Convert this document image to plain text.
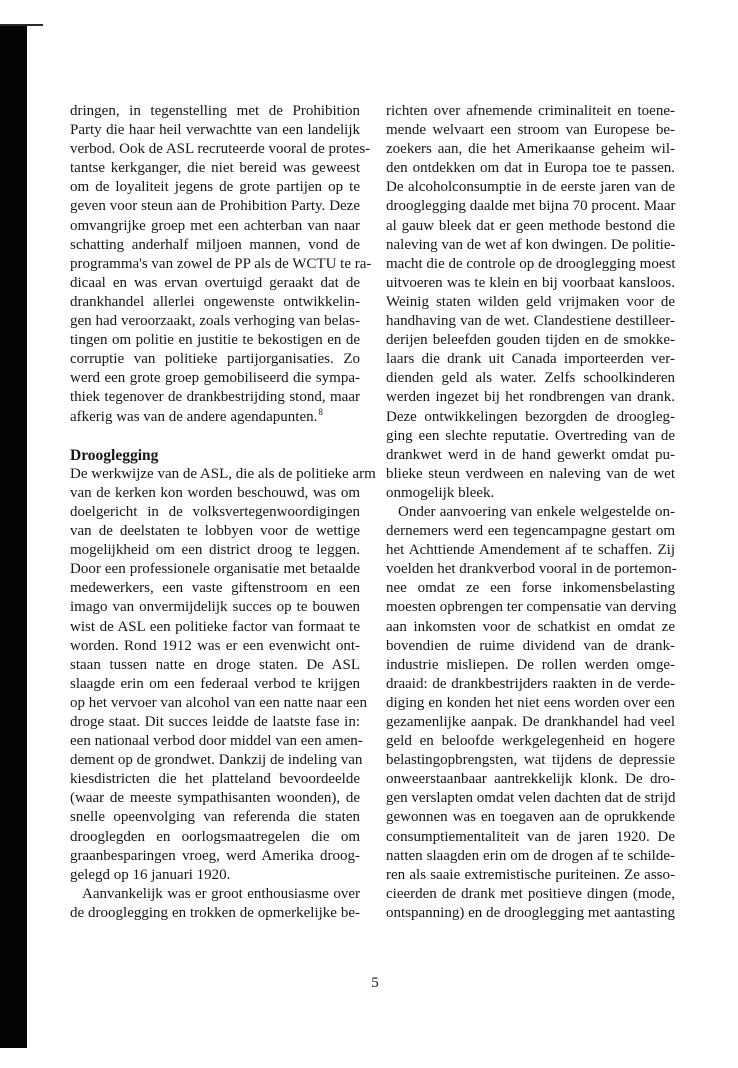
dringen, in tegenstelling met de Prohibition
Party die haar heil verwachtte van een landelijk
verbod. Ook de ASL recruteerde vooral de protes-
tantse kerkganger, die niet bereid was geweest
om de loyaliteit jegens de grote partijen op te
geven voor steun aan de Prohibition Party. Deze
omvangrijke groep met een achterban van naar
schatting anderhalf miljoen mannen, vond de
programma's van zowel de PP als de WCTU te ra-
dicaal en was ervan overtuigd geraakt dat de
drankhandel allerlei ongewenste ontwikkelin-
gen had veroorzaakt, zoals verhoging van belas-
tingen om politie en justitie te bekostigen en de
corruptie van politieke partijorganisaties. Zo
werd een grote groep gemobiliseerd die sympa-
thiek tegenover de drankbestrijding stond, maar
afkerig was van de andere agendapunten.$^8$
Drooglegging
De werkwijze van de ASL, die als de politieke arm
van de kerken kon worden beschouwd, was om
doelgericht in de volksvertegenwoordigingen
van de deelstaten te lobbyen voor de wettige
mogelijkheid om een district droog te leggen.
Door een professionele organisatie met betaalde
medewerkers, een vaste giftenstroom en een
imago van onvermijdelijk succes op te bouwen
wist de ASL een politieke factor van formaat te
worden. Rond 1912 was er een evenwicht ont-
staan tussen natte en droge staten. De ASL
slaagde erin om een federaal verbod te krijgen
op het vervoer van alcohol van een natte naar een
droge staat. Dit succes leidde de laatste fase in:
een nationaal verbod door middel van een amen-
dement op de grondwet. Dankzij de indeling van
kiesdistricten die het platteland bevoordeelde
(waar de meeste sympathisanten woonden), de
snelle opeenvolging van referenda die staten
drooglegden en oorlogsmaatregelen die om
graanbesparingen vroeg, werd Amerika droog-
gelegd op 16 januari 1920.
Aanvankelijk was er groot enthousiasme over
de drooglegging en trokken de opmerkelijke be-
richten over afnemende criminaliteit en toene-
mende welvaart een stroom van Europese be-
zoekers aan, die het Amerikaanse geheim wil-
den ontdekken om dat in Europa toe te passen.
De alcoholconsumptie in de eerste jaren van de
drooglegging daalde met bijna 70 procent. Maar
al gauw bleek dat er geen methode bestond die
naleving van de wet af kon dwingen. De politie-
macht die de controle op de drooglegging moest
uitvoeren was te klein en bij voorbaat kansloos.
Weinig staten wilden geld vrijmaken voor de
handhaving van de wet. Clandestiene destilleer-
derijen beleefden gouden tijden en de smokke-
laars die drank uit Canada importeerden ver-
dienden geld als water. Zelfs schoolkinderen
werden ingezet bij het rondbrengen van drank.
Deze ontwikkelingen bezorgden de droogleg-
ging een slechte reputatie. Overtreding van de
drankwet werd in de hand gewerkt omdat pu-
blieke steun verdween en naleving van de wet
onmogelijk bleek.
Onder aanvoering van enkele welgestelde on-
dernemers werd een tegencampagne gestart om
het Achttiende Amendement af te schaffen. Zij
voelden het drankverbod vooral in de portemon-
nee omdat ze een forse inkomensbelasting
moesten opbrengen ter compensatie van derving
aan inkomsten voor de schatkist en omdat ze
bovendien de ruime dividend van de drank-
industrie misliepen. De rollen werden omge-
draaid: de drankbestrijders raakten in de verde-
diging en konden het niet eens worden over een
gezamenlijke aanpak. De drankhandel had veel
geld en beloofde werkgelegenheid en hogere
belastingopbrengsten, wat tijdens de depressie
onweerstaanbaar aantrekkelijk klonk. De dro-
gen verslapten omdat velen dachten dat de strijd
gewonnen was en toegaven aan de oprukkende
consumptiementaliteit van de jaren 1920. De
natten slaagden erin om de drogen af te schilde-
ren als saaie extremistische puriteinen. Ze asso-
cieerden de drank met positieve dingen (mode,
ontspanning) en de drooglegging met aantasting
5
